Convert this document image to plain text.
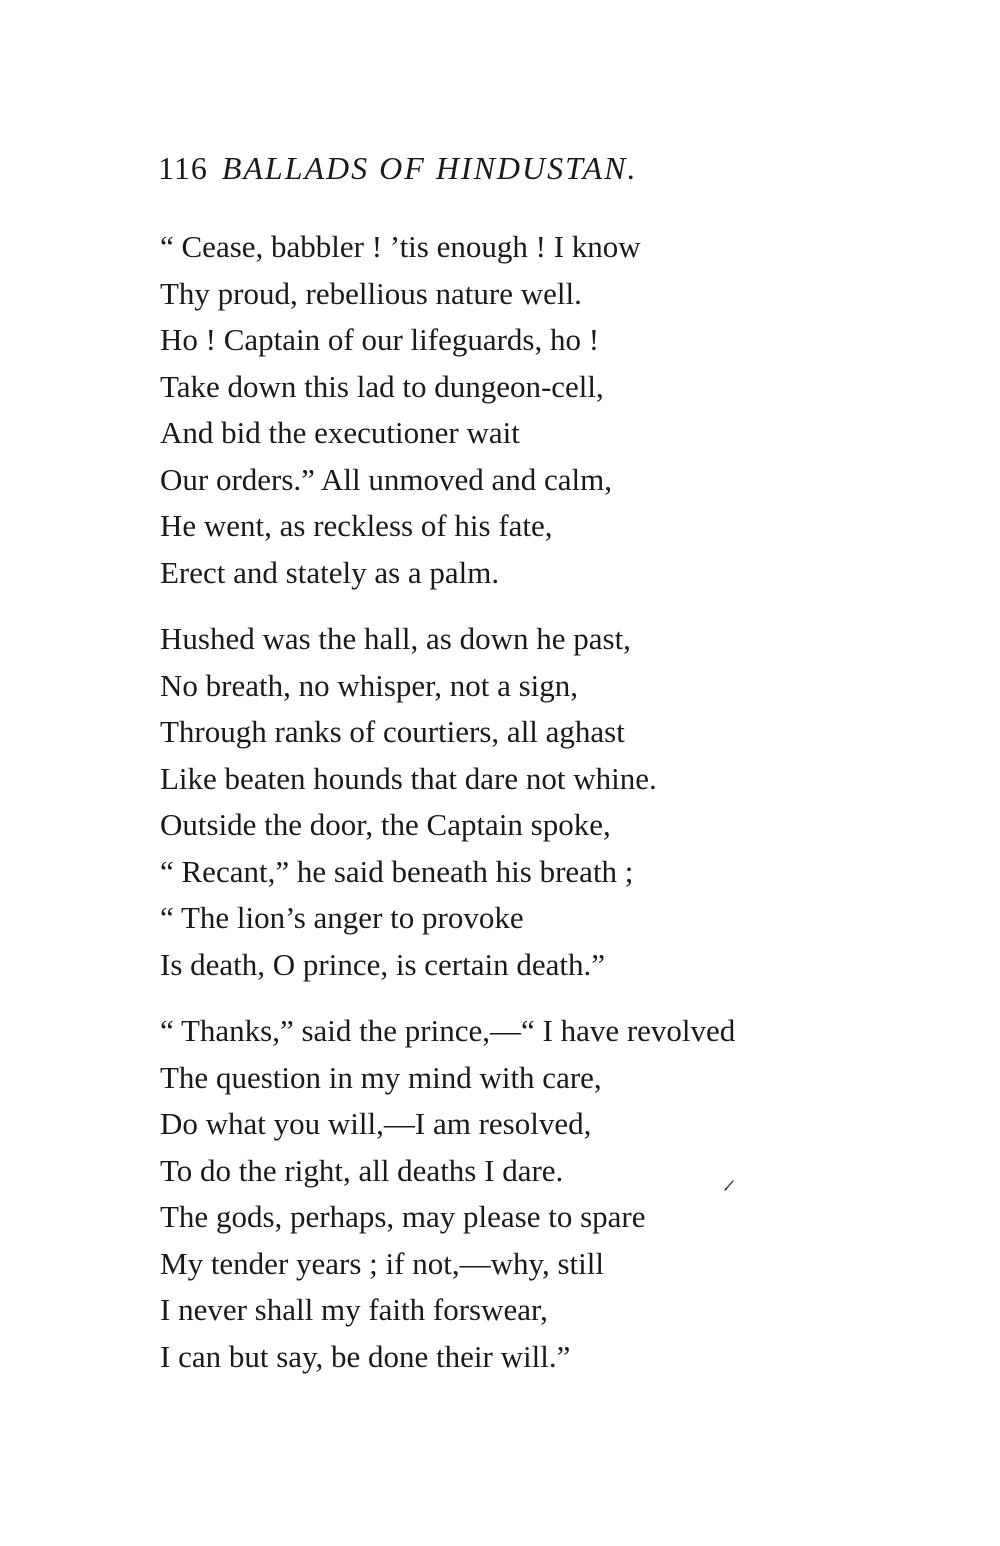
116 BALLADS OF HINDUSTAN.
“ Cease, babbler ! ’tis enough ! I know
Thy proud, rebellious nature well.
Ho ! Captain of our lifeguards, ho !
Take down this lad to dungeon-cell,
And bid the executioner wait
Our orders.” All unmoved and calm,
He went, as reckless of his fate,
Erect and stately as a palm.
Hushed was the hall, as down he past,
No breath, no whisper, not a sign,
Through ranks of courtiers, all aghast
Like beaten hounds that dare not whine.
Outside the door, the Captain spoke,
“ Recant,” he said beneath his breath ;
“ The lion’s anger to provoke
Is death, O prince, is certain death.”
“ Thanks,” said the prince,—“ I have revolved
The question in my mind with care,
Do what you will,—I am resolved,
To do the right, all deaths I dare.
The gods, perhaps, may please to spare
My tender years ; if not,—why, still
I never shall my faith forswear,
I can but say, be done their will.”
